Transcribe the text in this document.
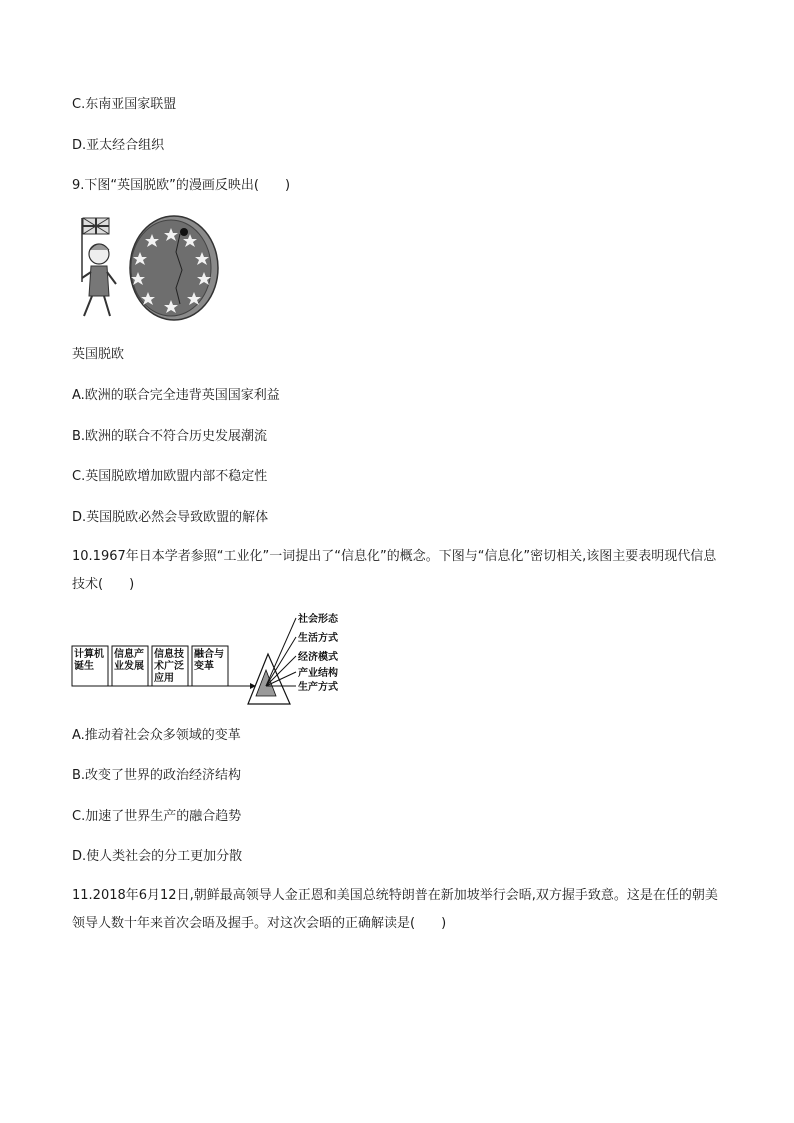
C.东南亚国家联盟
D.亚太经合组织
9.下图“英国脱欧”的漫画反映出(　　)
英国脱欧
A.欧洲的联合完全违背英国国家利益
B.欧洲的联合不符合历史发展潮流
C.英国脱欧增加欧盟内部不稳定性
D.英国脱欧必然会导致欧盟的解体
10.1967年日本学者参照“工业化”一词提出了“信息化”的概念。下图与“信息化”密切相关,该图主要表明现代信息技术(　　)
计算机
诞生
信息产
业发展
信息技
术广泛
应用
融合与
变革
社会形态
生活方式
经济模式
产业结构
生产方式
A.推动着社会众多领域的变革
B.改变了世界的政治经济结构
C.加速了世界生产的融合趋势
D.使人类社会的分工更加分散
11.2018年6月12日,朝鲜最高领导人金正恩和美国总统特朗普在新加坡举行会晤,双方握手致意。这是在任的朝美领导人数十年来首次会晤及握手。对这次会晤的正确解读是(　　)
